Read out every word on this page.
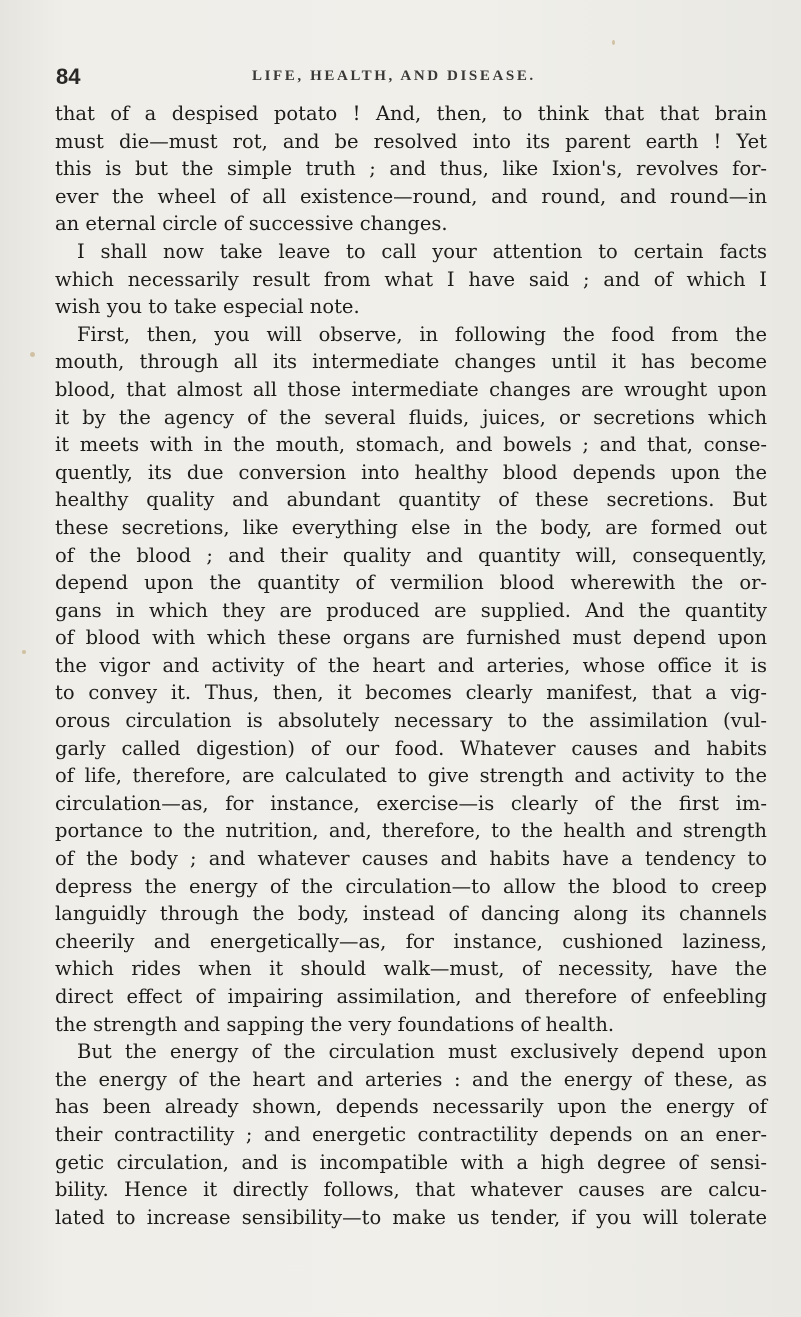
84	LIFE, HEALTH, AND DISEASE.
that of a despised potato ! And, then, to think that that brain
must die—must rot, and be resolved into its parent earth ! Yet
this is but the simple truth ; and thus, like Ixion's, revolves for-
ever the wheel of all existence—round, and round, and round—in
an eternal circle of successive changes.
I shall now take leave to call your attention to certain facts
which necessarily result from what I have said ; and of which I
wish you to take especial note.
First, then, you will observe, in following the food from the
mouth, through all its intermediate changes until it has become
blood, that almost all those intermediate changes are wrought upon
it by the agency of the several fluids, juices, or secretions which
it meets with in the mouth, stomach, and bowels ; and that, conse-
quently, its due conversion into healthy blood depends upon the
healthy quality and abundant quantity of these secretions. But
these secretions, like everything else in the body, are formed out
of the blood ; and their quality and quantity will, consequently,
depend upon the quantity of vermilion blood wherewith the or-
gans in which they are produced are supplied. And the quantity
of blood with which these organs are furnished must depend upon
the vigor and activity of the heart and arteries, whose office it is
to convey it. Thus, then, it becomes clearly manifest, that a vig-
orous circulation is absolutely necessary to the assimilation (vul-
garly called digestion) of our food. Whatever causes and habits
of life, therefore, are calculated to give strength and activity to the
circulation—as, for instance, exercise—is clearly of the first im-
portance to the nutrition, and, therefore, to the health and strength
of the body ; and whatever causes and habits have a tendency to
depress the energy of the circulation—to allow the blood to creep
languidly through the body, instead of dancing along its channels
cheerily and energetically—as, for instance, cushioned laziness,
which rides when it should walk—must, of necessity, have the
direct effect of impairing assimilation, and therefore of enfeebling
the strength and sapping the very foundations of health.
But the energy of the circulation must exclusively depend upon
the energy of the heart and arteries : and the energy of these, as
has been already shown, depends necessarily upon the energy of
their contractility ; and energetic contractility depends on an ener-
getic circulation, and is incompatible with a high degree of sensi-
bility. Hence it directly follows, that whatever causes are calcu-
lated to increase sensibility—to make us tender, if you will tolerate
